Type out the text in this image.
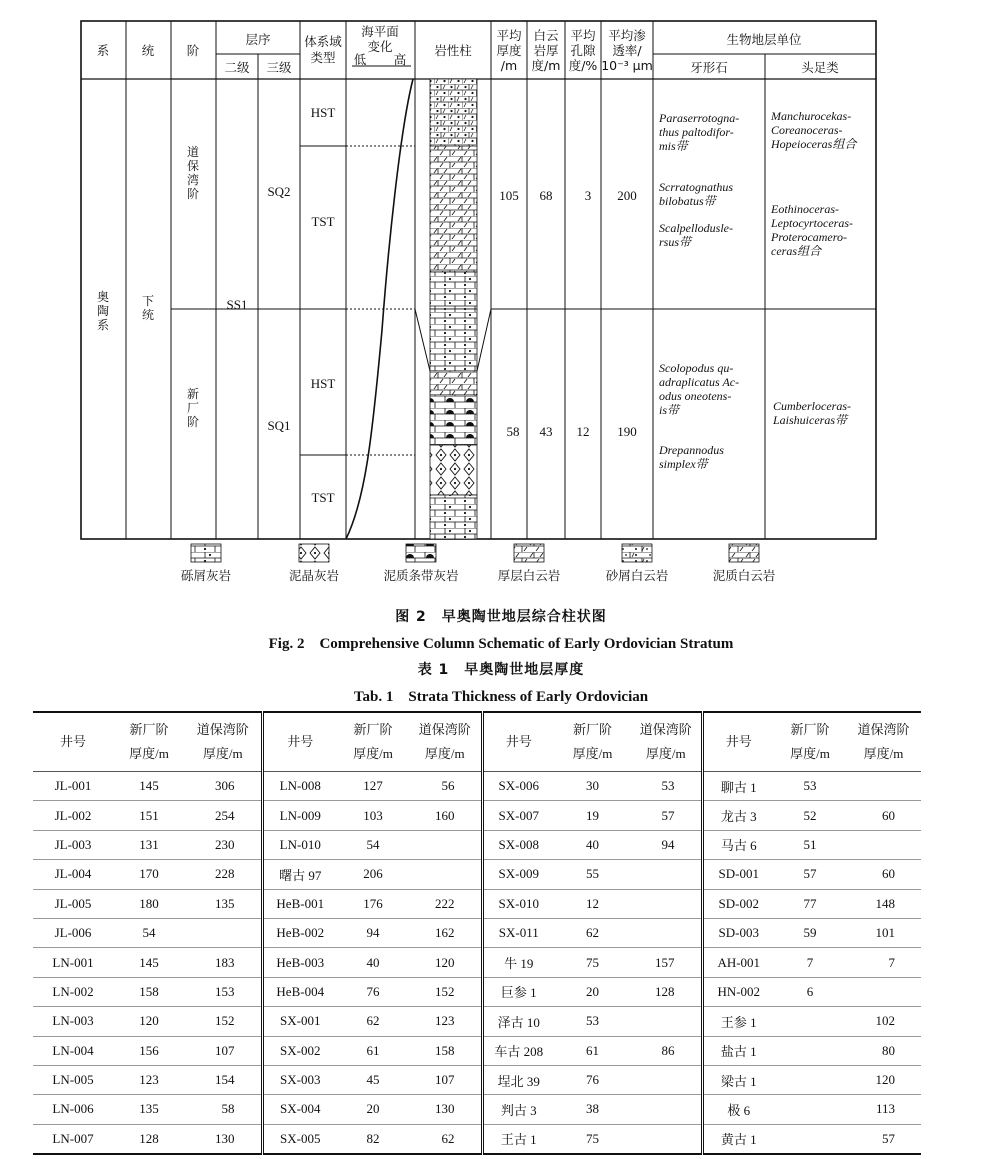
系	统	阶
层序
二级 三级
体系域
类型
海平面
变化
低 高
岩性柱
平均
厚度
/m
白云
岩厚
度/m
平均
孔隙
度/%
平均渗
透率/
10⁻³ μm
生物地层单位
牙形石	头足类
奥
陶
系
下
统
道
保
湾
阶
新
厂
阶
SS1
SQ2
SQ1
HST
TST
HST
TST
105 68 3 200
58 43 12 190
Paraserrotogna-
thus paltodifor-
mis带
Scrratognathus
bilobatus带
Scalpellodusle-
rsus带
Manchurocekas-
Coreanoceras-
Hopeioceras组合
Eothinoceras-
Leptocyrtoceras-
Proterocamero-
ceras组合
Scolopodus qu-
adraplicatus Ac-
odus oneotens-
is带
Drepannodus
simplex带
Cumberloceras-
Laishuiceras带
砾屑灰岩	泥晶灰岩	泥质条带灰岩	厚层白云岩	砂屑白云岩	泥质白云岩
图 2　早奥陶世地层综合柱状图
Fig. 2　Comprehensive Column Schematic of Early Ordovician Stratum
表 1　早奥陶世地层厚度
Tab. 1　Strata Thickness of Early Ordovician
井号	新厂阶
厚度/m	道保湾阶
厚度/m	井号	新厂阶
厚度/m	道保湾阶
厚度/m	井号	新厂阶
厚度/m	道保湾阶
厚度/m	井号	新厂阶
厚度/m	道保湾阶
厚度/m
JL-001	145	306	LN-008	127	56	SX-006	30	53	聊古 1	53	
JL-002	151	254	LN-009	103	160	SX-007	19	57	龙古 3	52	60
JL-003	131	230	LN-010	54		SX-008	40	94	马古 6	51	
JL-004	170	228	曙古 97	206		SX-009	55		SD-001	57	60
JL-005	180	135	HeB-001	176	222	SX-010	12		SD-002	77	148
JL-006	54		HeB-002	94	162	SX-011	62		SD-003	59	101
LN-001	145	183	HeB-003	40	120	牛 19	75	157	AH-001	7	7
LN-002	158	153	HeB-004	76	152	巨参 1	20	128	HN-002	6	
LN-003	120	152	SX-001	62	123	泽古 10	53		王参 1		102
LN-004	156	107	SX-002	61	158	车古 208	61	86	盐古 1		80
LN-005	123	154	SX-003	45	107	埕北 39	76		梁古 1		120
LN-006	135	58	SX-004	20	130	判古 3	38		极 6		113
LN-007	128	130	SX-005	82	62	王古 1	75		黄古 1		57
